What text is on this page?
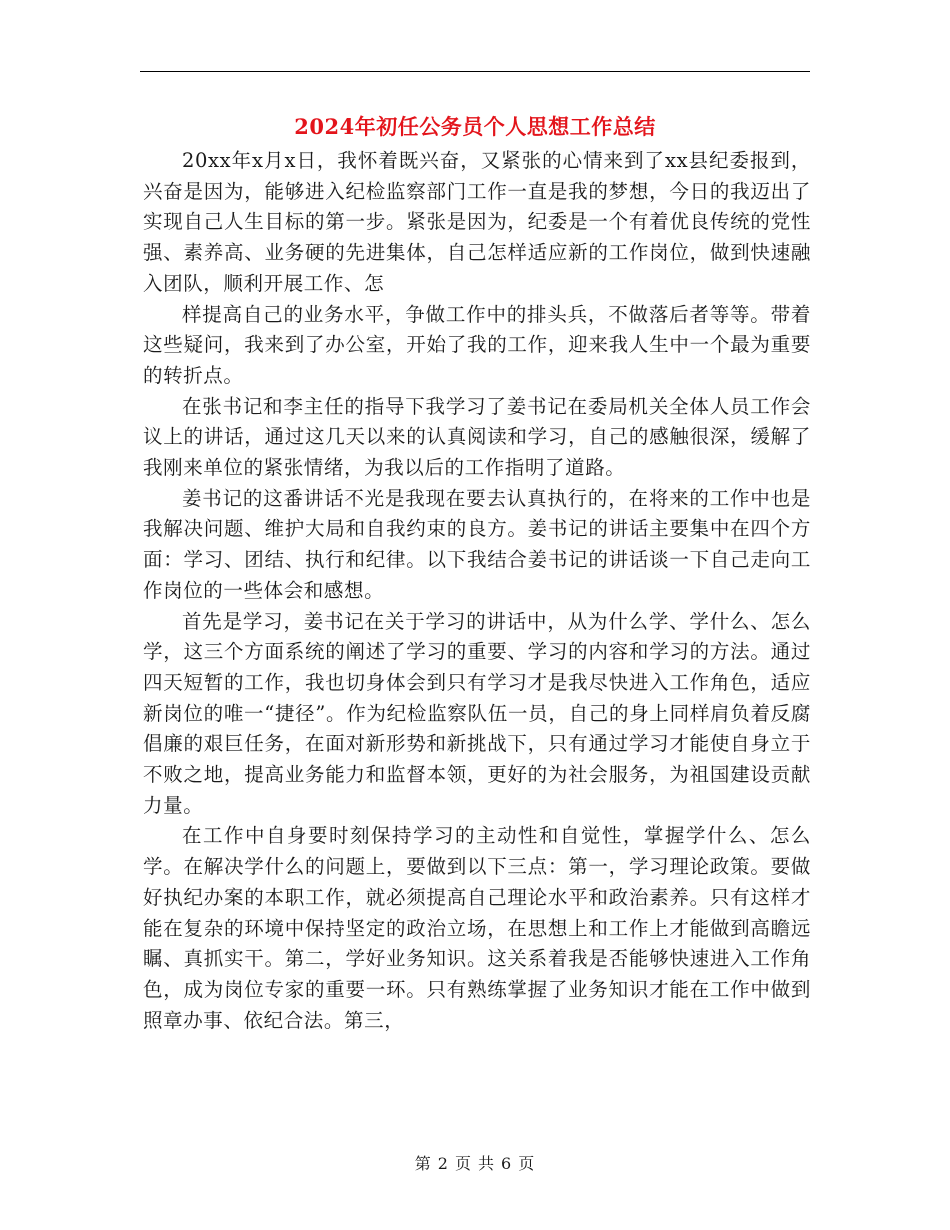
2024年初任公务员个人思想工作总结

20xx年x月x日，我怀着既兴奋，又紧张的心情来到了xx县纪委报到，兴奋是因为，能够进入纪检监察部门工作一直是我的梦想，今日的我迈出了实现自己人生目标的第一步。紧张是因为，纪委是一个有着优良传统的党性强、素养高、业务硬的先进集体，自己怎样适应新的工作岗位，做到快速融入团队，顺利开展工作、怎

样提高自己的业务水平，争做工作中的排头兵，不做落后者等等。带着这些疑问，我来到了办公室，开始了我的工作，迎来我人生中一个最为重要的转折点。

在张书记和李主任的指导下我学习了姜书记在委局机关全体人员工作会议上的讲话，通过这几天以来的认真阅读和学习，自己的感触很深，缓解了我刚来单位的紧张情绪，为我以后的工作指明了道路。

姜书记的这番讲话不光是我现在要去认真执行的，在将来的工作中也是我解决问题、维护大局和自我约束的良方。姜书记的讲话主要集中在四个方面：学习、团结、执行和纪律。以下我结合姜书记的讲话谈一下自己走向工作岗位的一些体会和感想。

首先是学习，姜书记在关于学习的讲话中，从为什么学、学什么、怎么学，这三个方面系统的阐述了学习的重要、学习的内容和学习的方法。通过四天短暂的工作，我也切身体会到只有学习才是我尽快进入工作角色，适应新岗位的唯一“捷径”。作为纪检监察队伍一员，自己的身上同样肩负着反腐倡廉的艰巨任务，在面对新形势和新挑战下，只有通过学习才能使自身立于不败之地，提高业务能力和监督本领，更好的为社会服务，为祖国建设贡献力量。

在工作中自身要时刻保持学习的主动性和自觉性，掌握学什么、怎么学。在解决学什么的问题上，要做到以下三点：第一，学习理论政策。要做好执纪办案的本职工作，就必须提高自己理论水平和政治素养。只有这样才能在复杂的环境中保持坚定的政治立场，在思想上和工作上才能做到高瞻远瞩、真抓实干。第二，学好业务知识。这关系着我是否能够快速进入工作角色，成为岗位专家的重要一环。只有熟练掌握了业务知识才能在工作中做到照章办事、依纪合法。第三，

第 2 页 共 6 页
